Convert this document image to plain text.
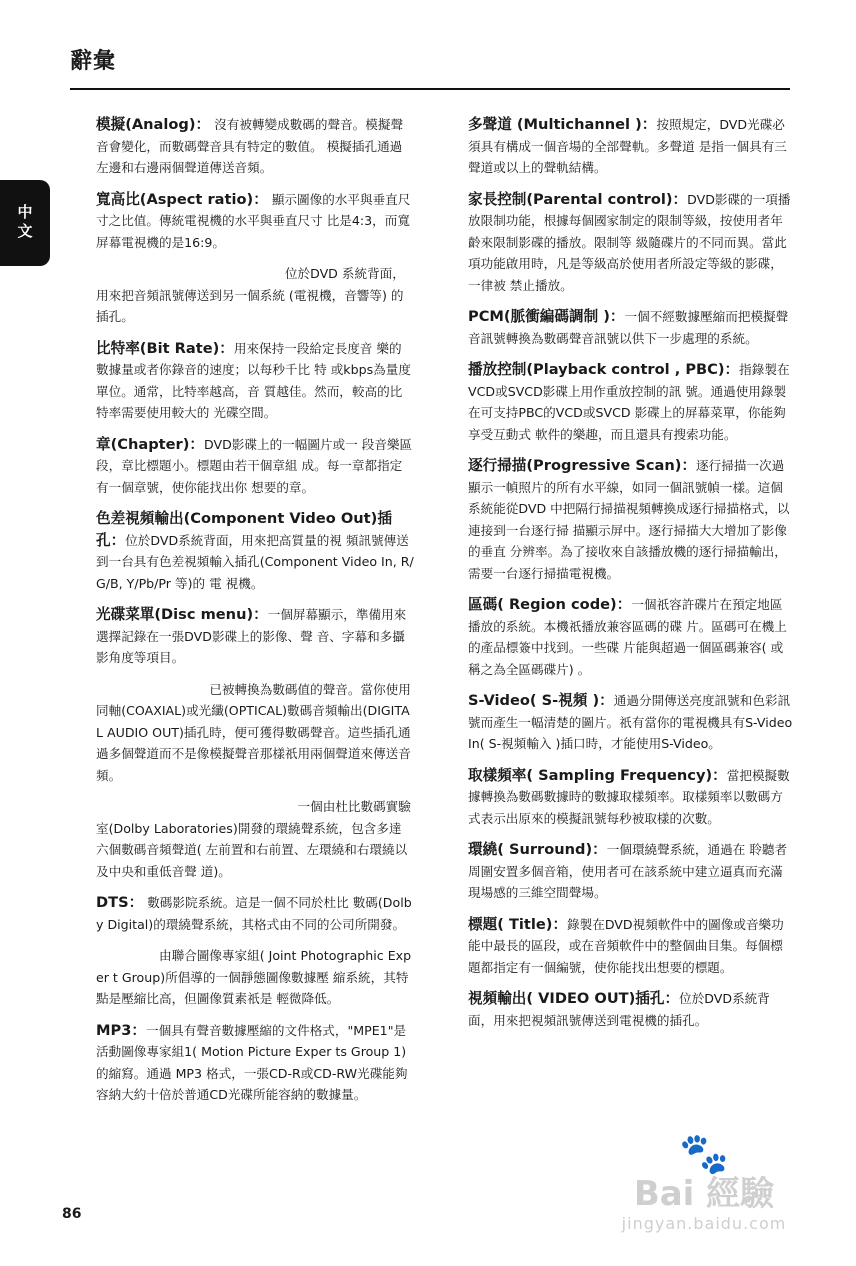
辭彙
中文

模擬(Analog)： 沒有被轉變成數碼的聲音。模擬聲音會變化，而數碼聲音具有特定的數值。 模擬插孔通過左邊和右邊兩個聲道傳送音頻。

寬高比(Aspect ratio)： 顯示圖像的水平與垂直尺寸之比值。傳統電視機的水平與垂直尺寸 比是4:3，而寬屏幕電視機的是16:9。

　　　　　　　　　　　　　　　位於DVD 系統背面，用來把音頻訊號傳送到另一個系統 (電視機，音響等) 的插孔。

比特率(Bit Rate)：用來保持一段給定長度音 樂的數據量或者你錄音的速度；以每秒千比 特 或kbps為量度單位。通常，比特率越高，音 質越佳。然而，較高的比特率需要使用較大的 光碟空間。

章(Chapter)：DVD影碟上的一幅圖片或一 段音樂區段，章比標題小。標題由若干個章組 成。每一章都指定有一個章號，使你能找出你 想要的章。

色差視頻輸出(Component Video Out)插孔：位於DVD系統背面，用來把高質量的視 頻訊號傳送到一台具有色差視頻輸入插孔(Component Video In, R/G/B, Y/Pb/Pr 等)的 電 視機。

光碟菜單(Disc menu)：一個屏幕顯示，準備用來選擇記錄在一張DVD影碟上的影像、聲 音、字幕和多攝影角度等項目。

　　　　　　　　　已被轉換為數碼值的聲音。當你使用同軸(COAXIAL)或光纖(OPTICAL)數碼音頻輸出(DIGITAL AUDIO OUT)插孔時，便可獲得數碼聲音。這些插孔通過多個聲道而不是像模擬聲音那樣祇用兩個聲道來傳送音頻。

　　　　　　　　　　　　　　　　一個由杜比數碼實驗室(Dolby Laboratories)開發的環繞聲系統，包含多達六個數碼音頻聲道( 左前置和右前置、左環繞和右環繞以及中央和重低音聲 道)。

DTS： 數碼影院系統。這是一個不同於杜比 數碼(Dolby Digital)的環繞聲系統，其格式由不同的公司所開發。

　　　　　由聯合圖像專家組( Joint Photographic Exper t Group)所倡導的一個靜態圖像數據壓 縮系統，其特點是壓縮比高，但圖像質素祇是 輕微降低。

MP3：一個具有聲音數據壓縮的文件格式，"MPE1"是活動圖像專家組1( Motion Picture Exper ts Group 1)的縮寫。通過 MP3 格式，一張CD-R或CD-RW光碟能夠容納大約十倍於普通CD光碟所能容納的數據量。

多聲道 (Multichannel )：按照規定，DVD光碟必須具有構成一個音場的全部聲軌。多聲道 是指一個具有三聲道或以上的聲軌結構。

家長控制(Parental control)：DVD影碟的一項播放限制功能，根據每個國家制定的限制等級，按使用者年齡來限制影碟的播放。限制等 級隨碟片的不同而異。當此項功能啟用時，凡是等級高於使用者所設定等級的影碟，一律被 禁止播放。

PCM(脈衝編碼調制 )：一個不經數據壓縮而把模擬聲音訊號轉換為數碼聲音訊號以供下一步處理的系統。

播放控制(Playback control , PBC)：指錄製在VCD或SVCD影碟上用作重放控制的訊 號。通過使用錄製在可支持PBC的VCD或SVCD 影碟上的屏幕菜單，你能夠享受互動式 軟件的樂趣，而且還具有搜索功能。

逐行掃描(Progressive Scan)：逐行掃描一次過顯示一幀照片的所有水平線，如同一個訊號幀一樣。這個系統能從DVD 中把隔行掃描視頻轉換成逐行掃描格式，以連接到一台逐行掃 描顯示屏中。逐行掃描大大增加了影像的垂直 分辨率。為了接收來自該播放機的逐行掃描輸出，需要一台逐行掃描電視機。

區碼( Region code)：一個祇容許碟片在預定地區播放的系統。本機祇播放兼容區碼的碟 片。區碼可在機上的產品標簽中找到。一些碟 片能與超過一個區碼兼容( 或稱之為全區碼碟片) 。

S-Video( S-視頻 )：通過分開傳送亮度訊號和色彩訊號而產生一幅清楚的圖片。祇有當你的電視機具有S-Video In( S-視頻輸入 )插口時，才能使用S-Video。

取樣頻率( Sampling Frequency)：當把模擬數據轉換為數碼數據時的數據取樣頻率。取樣頻率以數碼方式表示出原來的模擬訊號每秒被取樣的次數。

環繞( Surround)：一個環繞聲系統，通過在 聆聽者周圍安置多個音箱，使用者可在該系統中建立逼真而充滿現場感的三維空間聲場。

標題( Title)：錄製在DVD視頻軟件中的圖像或音樂功能中最長的區段，或在音頻軟件中的整個曲目集。每個標題都指定有一個編號，使你能找出想要的標題。

視頻輸出( VIDEO OUT)插孔：位於DVD系統背面，用來把視頻訊號傳送到電視機的插孔。

86
🐾
Bai 經驗
jingyan.baidu.com
